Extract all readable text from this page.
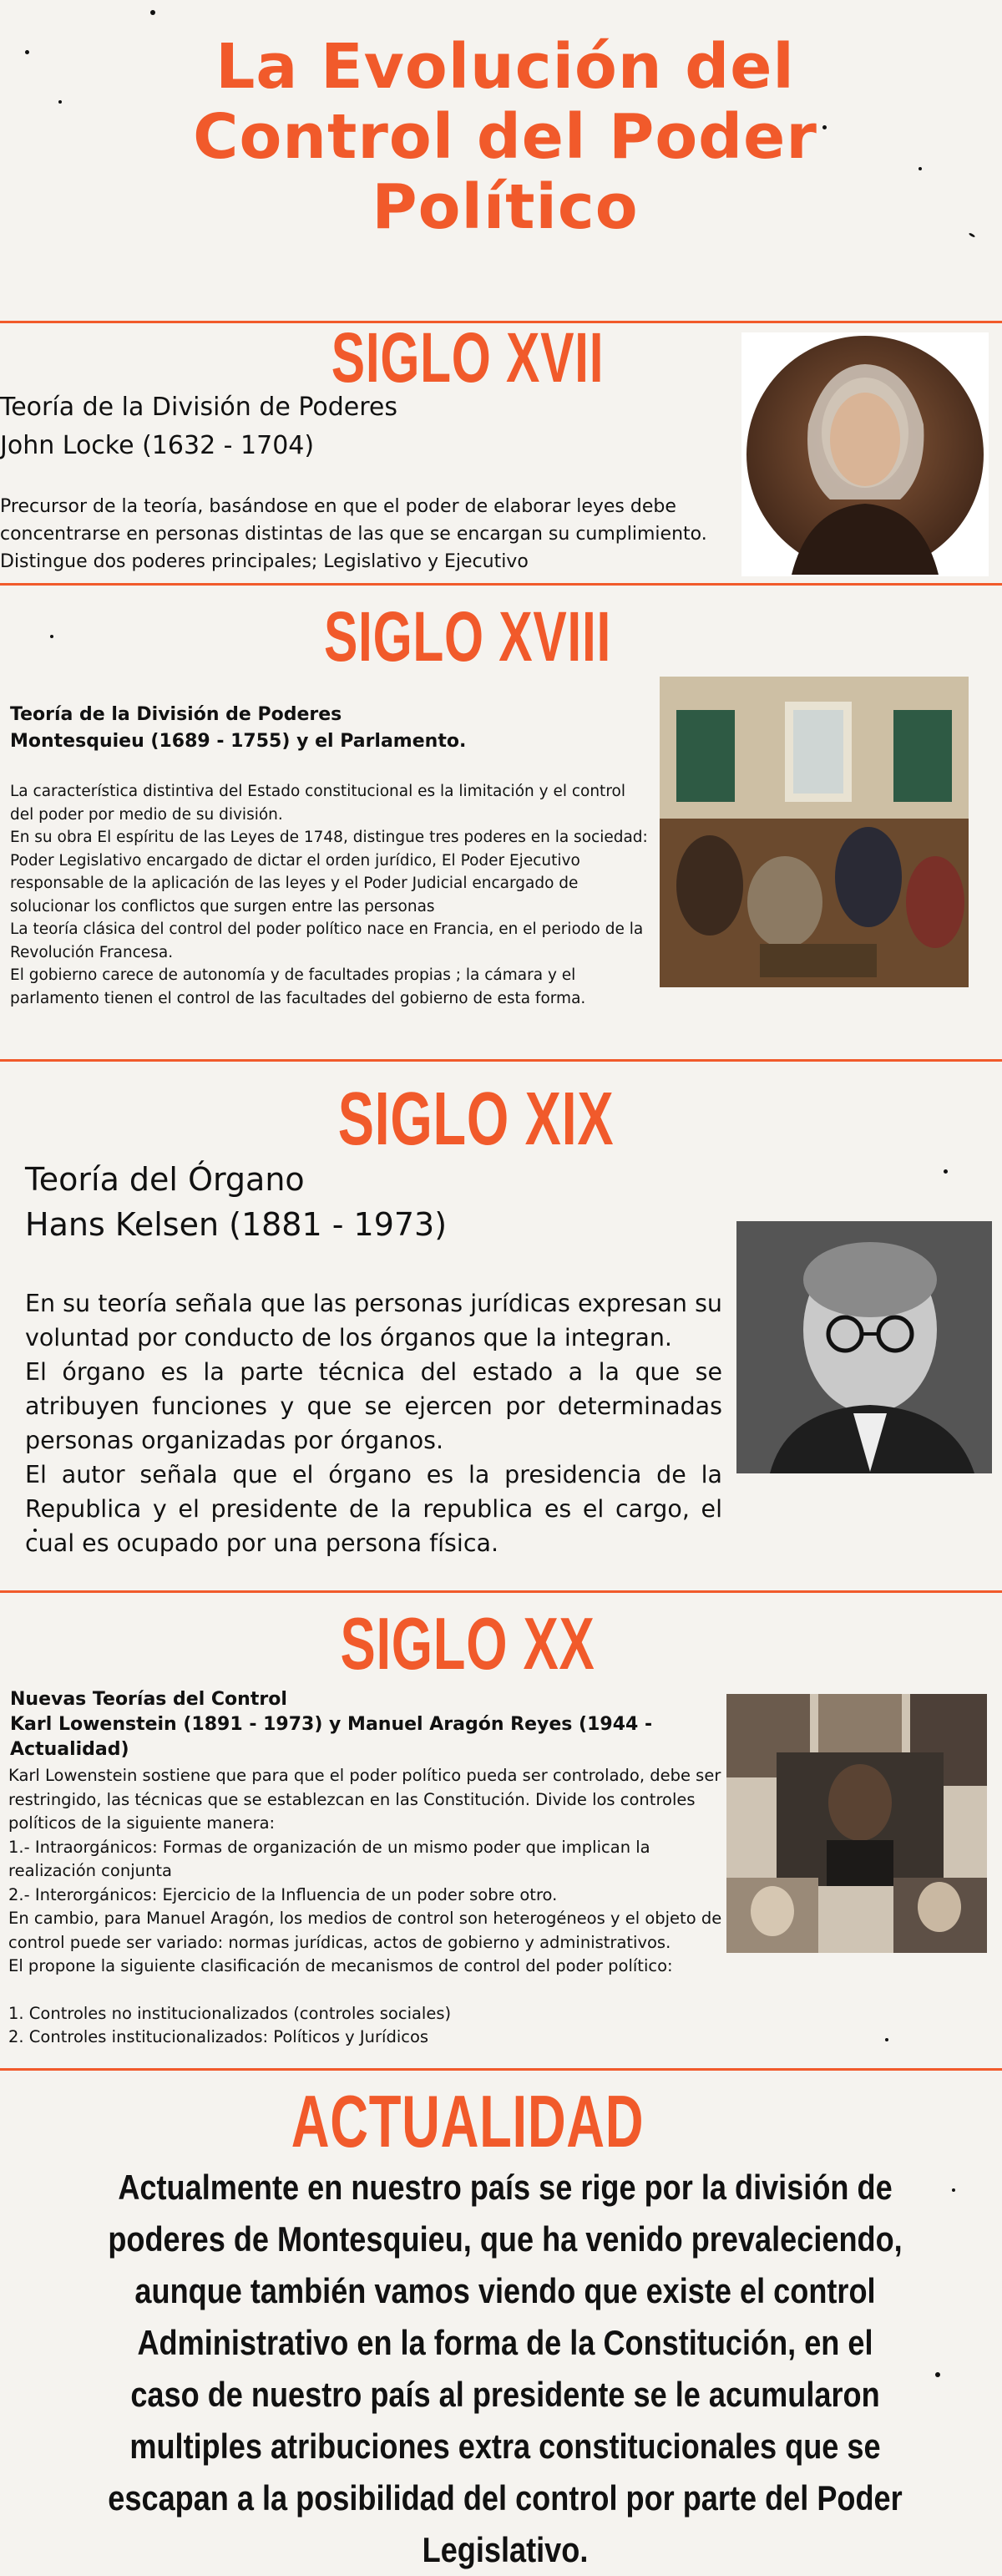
La Evolución del Control del Poder Político
SIGLO XVII
Teoría de la División de Poderes
John Locke (1632 - 1704)

Precursor de la teoría, basándose en que el poder de elaborar leyes debe concentrarse en personas distintas de las que se encargan su cumplimiento. Distingue dos poderes principales; Legislativo y Ejecutivo

SIGLO XVIII
Teoría de la División de Poderes
Montesquieu (1689 - 1755) y el Parlamento.

La característica distintiva del Estado constitucional es la limitación y el control del poder por medio de su división.

En su obra El espíritu de las Leyes de 1748, distingue tres poderes en la sociedad: Poder Legislativo encargado de dictar el orden jurídico, El Poder Ejecutivo responsable de la aplicación de las leyes y el Poder Judicial encargado de solucionar los conflictos que surgen entre las personas

La teoría clásica del control del poder político nace en Francia, en el periodo de la Revolución Francesa.

El gobierno carece de autonomía y de facultades propias ; la cámara y el parlamento tienen el control de las facultades del gobierno de esta forma.

SIGLO XIX
Teoría del Órgano
Hans Kelsen (1881 - 1973)

En su teoría señala que las personas jurídicas expresan su voluntad por conducto de los órganos que la integran.

El órgano es la parte técnica del estado a la que se atribuyen funciones y que se ejercen por determinadas personas organizadas por órganos.

El autor señala que el órgano es la presidencia de la Republica y el presidente de la republica es el cargo, el cual es ocupado por una persona física.

SIGLO XX
Nuevas Teorías del Control
Karl Lowenstein (1891 - 1973) y Manuel Aragón Reyes (1944 - Actualidad)

Karl Lowenstein sostiene que para que el poder político pueda ser controlado, debe ser restringido, las técnicas que se establezcan en las Constitución. Divide los controles políticos de la siguiente manera:

1.- Intraorgánicos: Formas de organización de un mismo poder que implican la realización conjunta

2.- Interorgánicos: Ejercicio de la Influencia de un poder sobre otro.

En cambio, para Manuel Aragón, los medios de control son heterogéneos y el objeto de control puede ser variado: normas jurídicas, actos de gobierno y administrativos.

El propone la siguiente clasificación de mecanismos de control del poder político:

1. Controles no institucionalizados (controles sociales)

2. Controles institucionalizados: Políticos y Jurídicos

ACTUALIDAD
Actualmente en nuestro país se rige por la división de poderes de Montesquieu, que ha venido prevaleciendo, aunque también vamos viendo que existe el control Administrativo en la forma de la Constitución, en el caso de nuestro país al presidente se le acumularon multiples atribuciones extra constitucionales que se escapan a la posibilidad del control por parte del Poder Legislativo.
